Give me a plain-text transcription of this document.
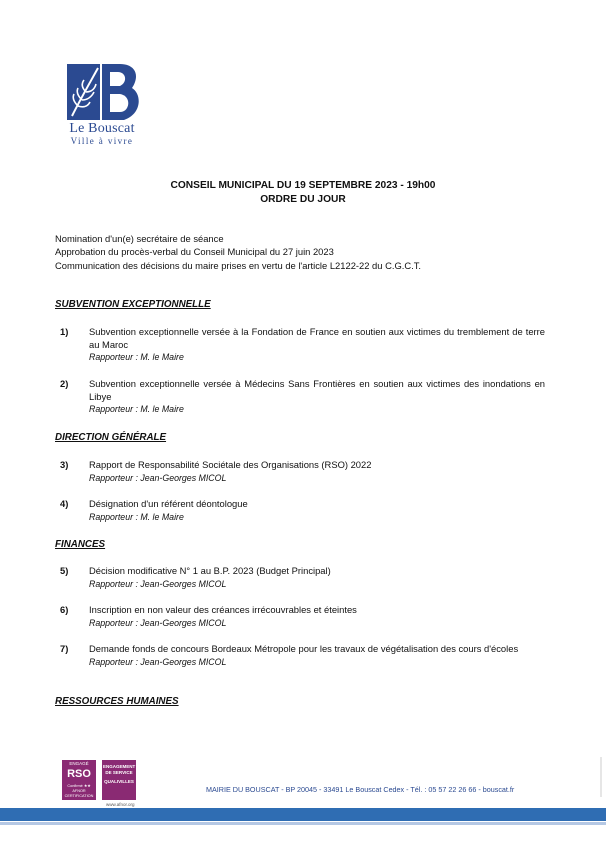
Le Bouscat
Ville à vivre
CONSEIL MUNICIPAL DU 19 SEPTEMBRE 2023 - 19h00
ORDRE DU JOUR
Nomination d'un(e) secrétaire de séance
Approbation du procès-verbal du Conseil Municipal du 27 juin 2023
Communication des décisions du maire prises en vertu de l'article L2122-22 du C.G.C.T.
SUBVENTION EXCEPTIONNELLE
1) Subvention exceptionnelle versée à la Fondation de France en soutien aux victimes du tremblement de terre au Maroc
Rapporteur : M. le Maire
2) Subvention exceptionnelle versée à Médecins Sans Frontières en soutien aux victimes des inondations en Libye
Rapporteur : M. le Maire
DIRECTION GÉNÉRALE
3) Rapport de Responsabilité Sociétale des Organisations (RSO) 2022
Rapporteur : Jean-Georges MICOL
4) Désignation d'un référent déontologue
Rapporteur : M. le Maire
FINANCES
5) Décision modificative N° 1 au B.P. 2023 (Budget Principal)
Rapporteur : Jean-Georges MICOL
6) Inscription en non valeur des créances irrécouvrables et éteintes
Rapporteur : Jean-Georges MICOL
7) Demande fonds de concours Bordeaux Métropole pour les travaux de végétalisation des cours d'écoles
Rapporteur : Jean-Georges MICOL
RESSOURCES HUMAINES
ENGAGÉ
RSO
Confirmé ★★ AFNOR CERTIFICATION
ENGAGEMENT
DE SERVICE
QUALIVILLES
www.afnor.org
MAIRIE DU BOUSCAT - BP 20045 - 33491 Le Bouscat Cedex - Tél. : 05 57 22 26 66 - bouscat.fr
